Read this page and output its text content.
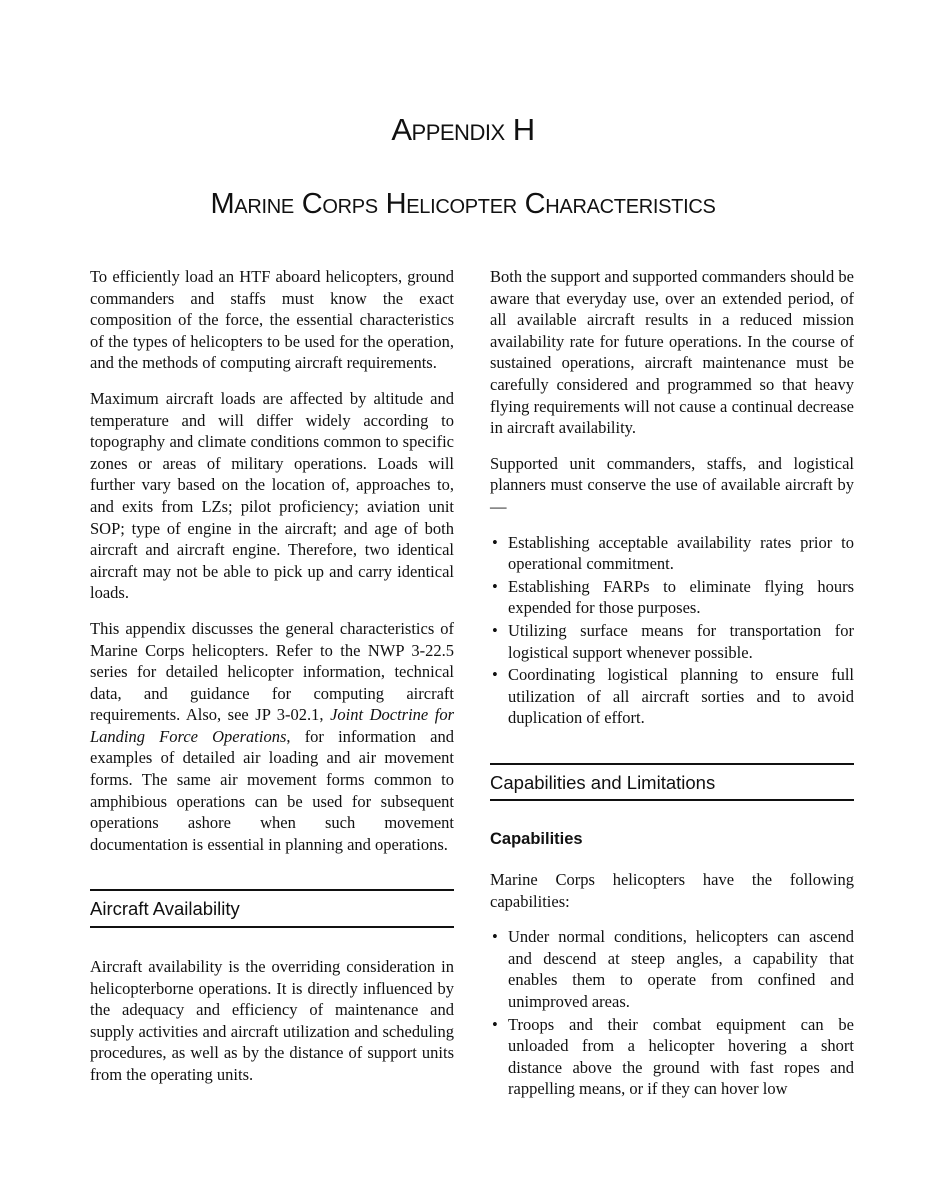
Appendix H
Marine Corps Helicopter Characteristics

To efficiently load an HTF aboard helicopters, ground commanders and staffs must know the exact composition of the force, the essential characteristics of the types of helicopters to be used for the operation, and the methods of computing aircraft requirements.

Maximum aircraft loads are affected by altitude and temperature and will differ widely according to topography and climate conditions common to specific zones or areas of military operations. Loads will further vary based on the location of, approaches to, and exits from LZs; pilot proficiency; aviation unit SOP; type of engine in the aircraft; and age of both aircraft and aircraft engine. Therefore, two identical aircraft may not be able to pick up and carry identical loads.

This appendix discusses the general characteristics of Marine Corps helicopters. Refer to the NWP 3-22.5 series for detailed helicopter information, technical data, and guidance for computing aircraft requirements. Also, see JP 3-02.1, Joint Doctrine for Landing Force Operations, for information and examples of detailed air loading and air movement forms. The same air movement forms common to amphibious operations can be used for subsequent operations ashore when such movement documentation is essential in planning and operations.

Aircraft Availability

Aircraft availability is the overriding consideration in helicopterborne operations. It is directly influenced by the adequacy and efficiency of maintenance and supply activities and aircraft utilization and scheduling procedures, as well as by the distance of support units from the operating units.

Both the support and supported commanders should be aware that everyday use, over an extended period, of all available aircraft results in a reduced mission availability rate for future operations. In the course of sustained operations, aircraft maintenance must be carefully considered and programmed so that heavy flying requirements will not cause a continual decrease in aircraft availability.

Supported unit commanders, staffs, and logistical planners must conserve the use of available aircraft by—

• Establishing acceptable availability rates prior to operational commitment.
• Establishing FARPs to eliminate flying hours expended for those purposes.
• Utilizing surface means for transportation for logistical support whenever possible.
• Coordinating logistical planning to ensure full utilization of all aircraft sorties and to avoid duplication of effort.
Capabilities and Limitations
Capabilities

Marine Corps helicopters have the following capabilities:

• Under normal conditions, helicopters can ascend and descend at steep angles, a capability that enables them to operate from confined and unimproved areas.
• Troops and their combat equipment can be unloaded from a helicopter hovering a short distance above the ground with fast ropes and rappelling means, or if they can hover low
